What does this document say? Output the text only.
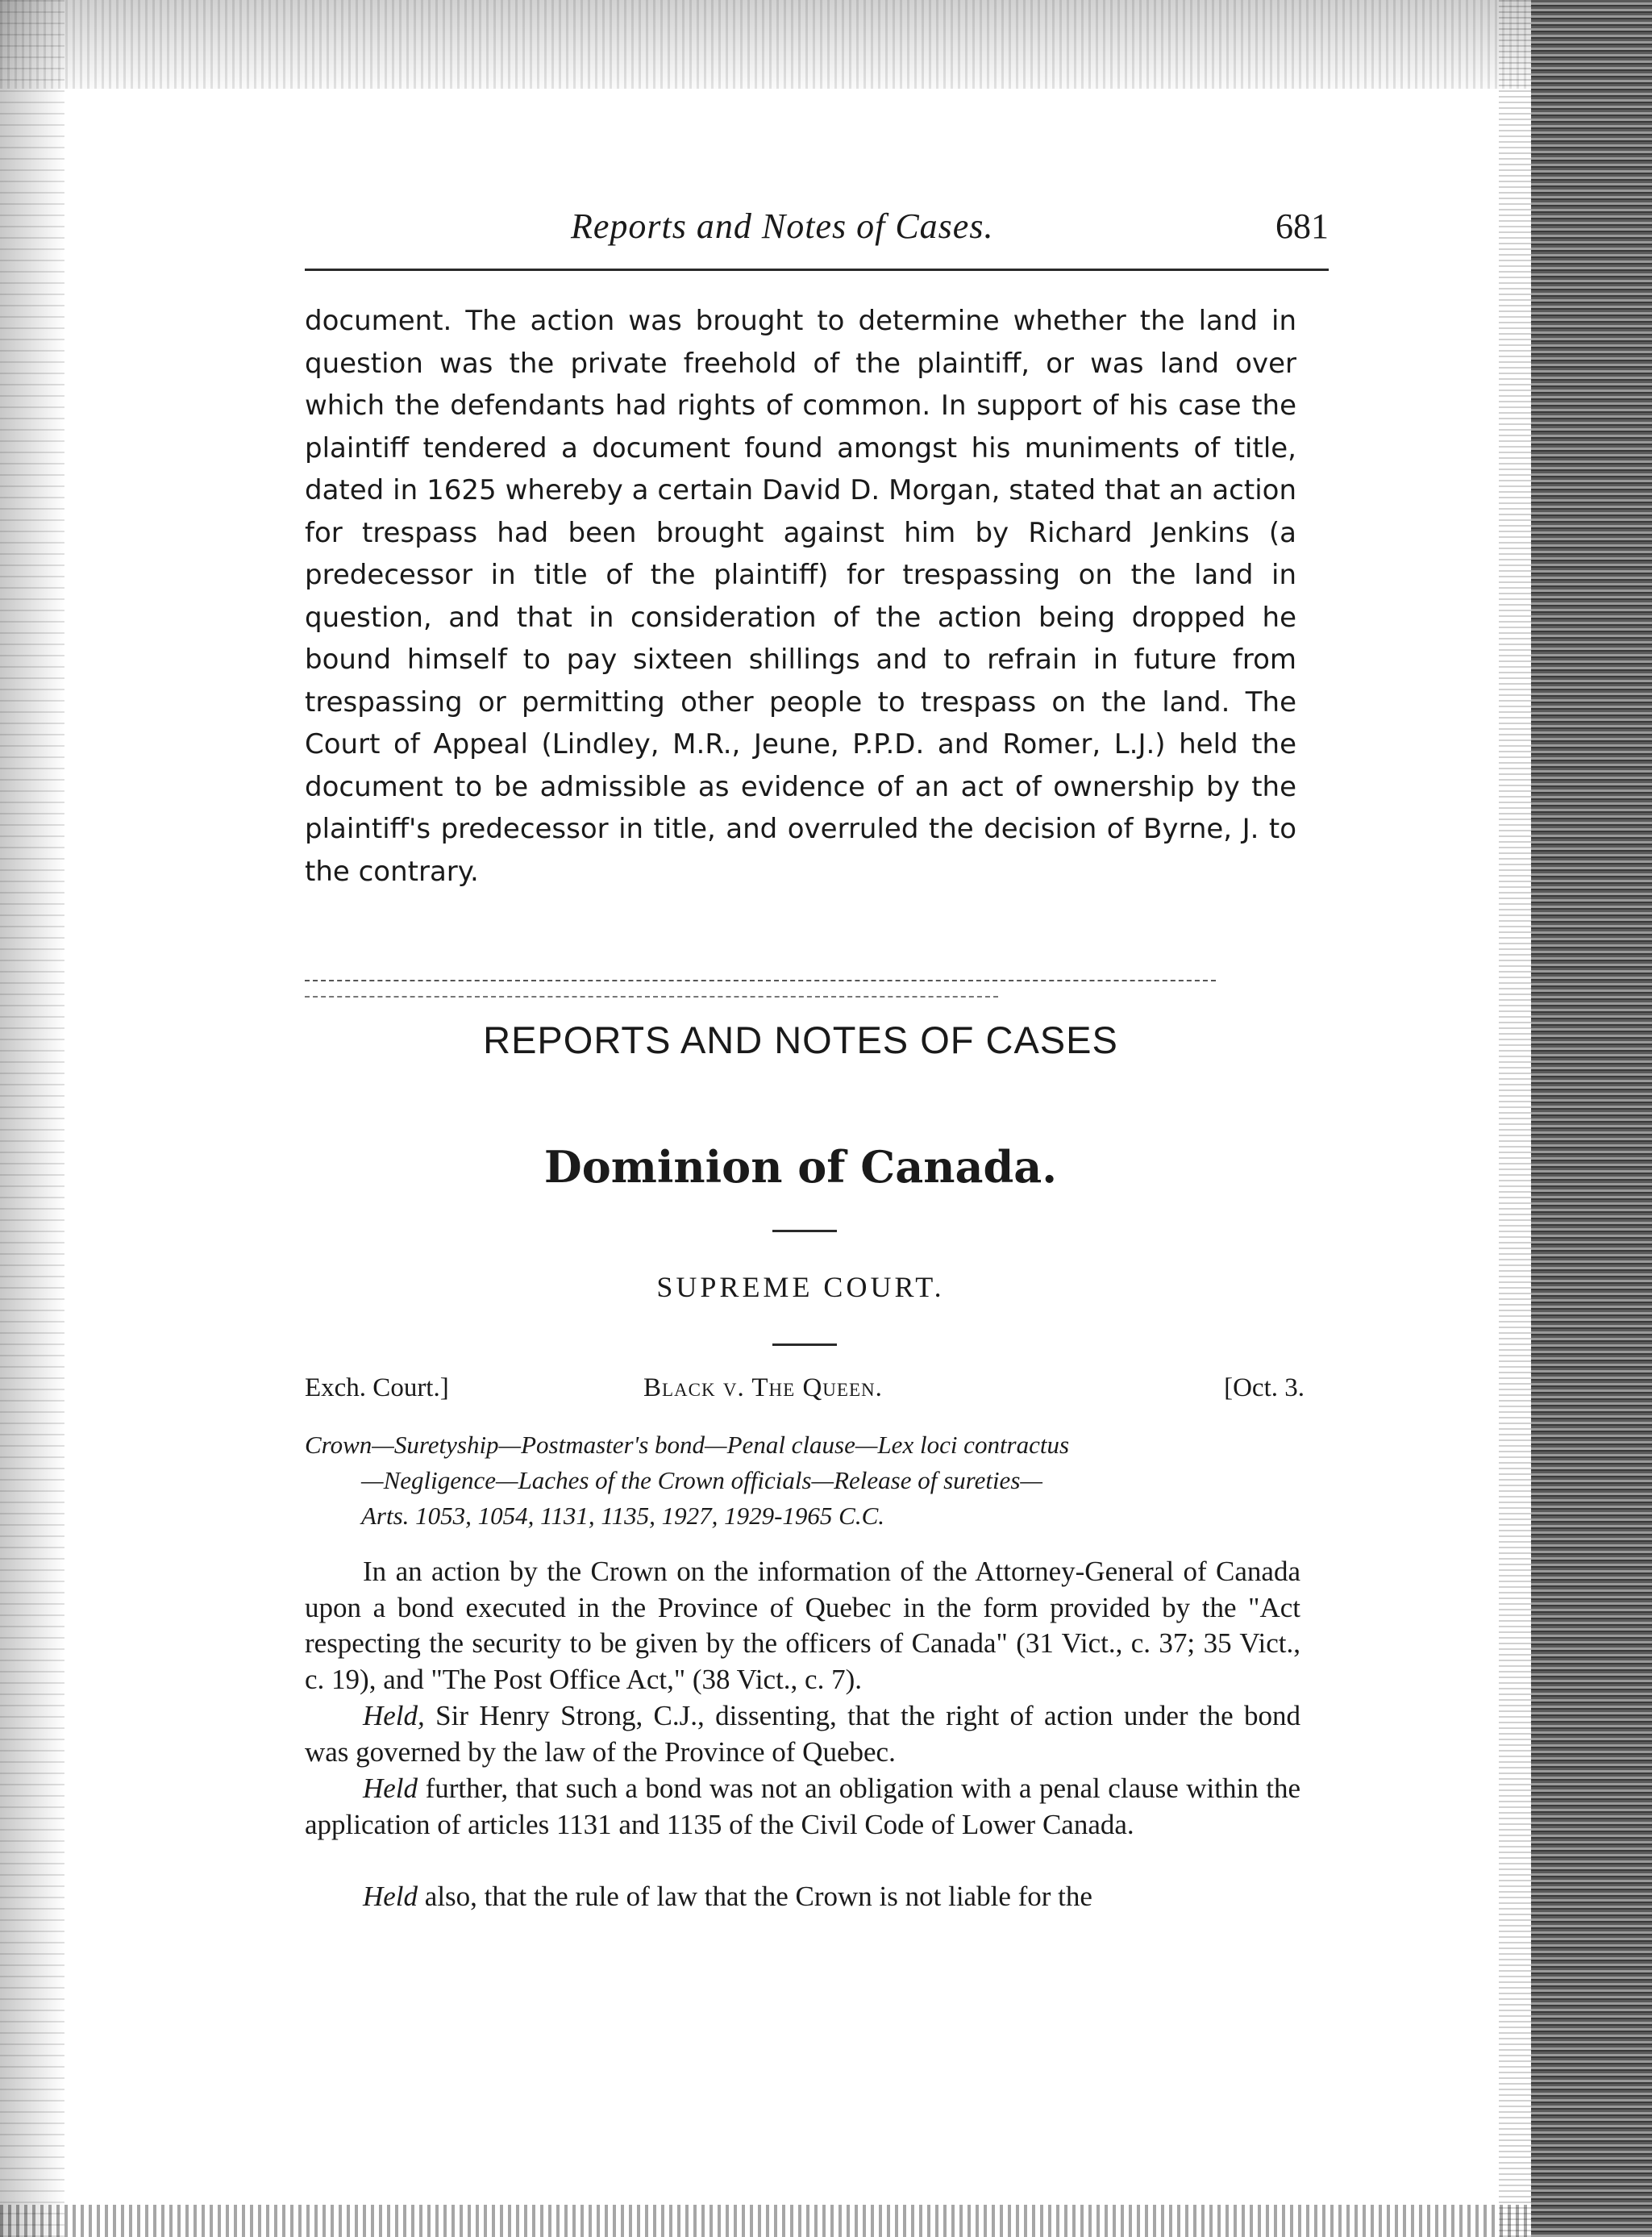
Reports and Notes of Cases.	681

document. The action was brought to determine whether the land in question was the private freehold of the plaintiff, or was land over which the defendants had rights of common. In support of his case the plaintiff tendered a document found amongst his muniments of title, dated in 1625 whereby a certain David D. Morgan, stated that an action for trespass had been brought against him by Richard Jenkins (a predecessor in title of the plaintiff) for trespassing on the land in question, and that in consideration of the action being dropped he bound himself to pay sixteen shillings and to refrain in future from trespassing or permitting other people to trespass on the land. The Court of Appeal (Lindley, M.R., Jeune, P.P.D. and Romer, L.J.) held the document to be admissible as evidence of an act of ownership by the plaintiff's predecessor in title, and overruled the decision of Byrne, J. to the contrary.

REPORTS AND NOTES OF CASES
Dominion of Canada.
SUPREME COURT.
Exch. Court.]	Black v. The Queen.	[Oct. 3.

Crown—Suretyship—Postmaster's bond—Penal clause—Lex loci contractus

—Negligence—Laches of the Crown officials—Release of sureties—
Arts. 1053, 1054, 1131, 1135, 1927, 1929-1965 C.C.

In an action by the Crown on the information of the Attorney-General of Canada upon a bond executed in the Province of Quebec in the form provided by the "Act respecting the security to be given by the officers of Canada" (31 Vict., c. 37; 35 Vict., c. 19), and "The Post Office Act," (38 Vict., c. 7).

Held, Sir Henry Strong, C.J., dissenting, that the right of action under the bond was governed by the law of the Province of Quebec.

Held further, that such a bond was not an obligation with a penal clause within the application of articles 1131 and 1135 of the Civil Code of Lower Canada.

Held also, that the rule of law that the Crown is not liable for the
